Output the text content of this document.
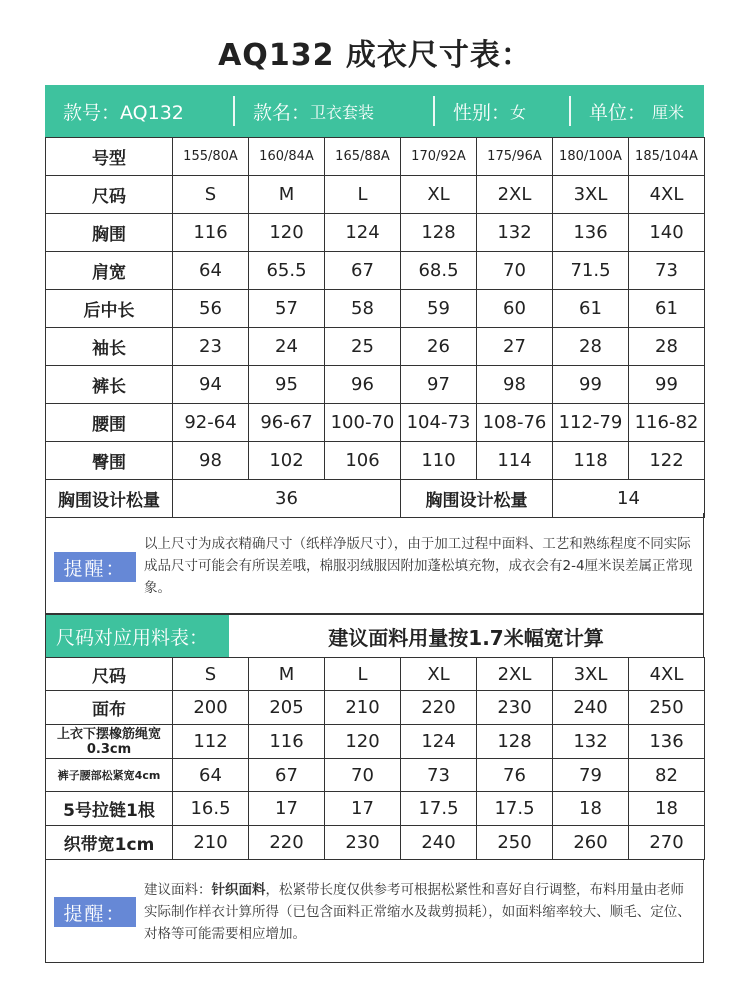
AQ132 成衣尺寸表：
款号：AQ132	款名： 卫衣套装	性别： 女	单位： 厘米
号型	155/80A	160/84A	165/88A	170/92A	175/96A	180/100A	185/104A
尺码	S	M	L	XL	2XL	3XL	4XL
胸围	116	120	124	128	132	136	140
肩宽	64	65.5	67	68.5	70	71.5	73
后中长	56	57	58	59	60	61	61
袖长	23	24	25	26	27	28	28
裤长	94	95	96	97	98	99	99
腰围	92-64	96-67	100-70	104-73	108-76	112-79	116-82
臀围	98	102	106	110	114	118	122
胸围设计松量	36			胸围设计松量		14	
提醒：
以上尺寸为成衣精确尺寸（纸样净版尺寸），由于加工过程中面料、工艺和熟练程度不同实际成品尺寸可能会有所误差哦，棉服羽绒服因附加蓬松填充物，成衣会有2-4厘米误差属正常现象。
尺码对应用料表：	建议面料用量按1.7米幅宽计算
尺码	S	M	L	XL	2XL	3XL	4XL
面布	200	205	210	220	230	240	250
上衣下摆橡筋绳宽0.3cm	112	116	120	124	128	132	136
裤子腰部松紧宽4cm	64	67	70	73	76	79	82
5号拉链1根	16.5	17	17	17.5	17.5	18	18
织带宽1cm	210	220	230	240	250	260	270
提醒：
建议面料：针织面料，松紧带长度仅供参考可根据松紧性和喜好自行调整，布料用量由老师实际制作样衣计算所得（已包含面料正常缩水及裁剪损耗），如面料缩率较大、顺毛、定位、对格等可能需要相应增加。
